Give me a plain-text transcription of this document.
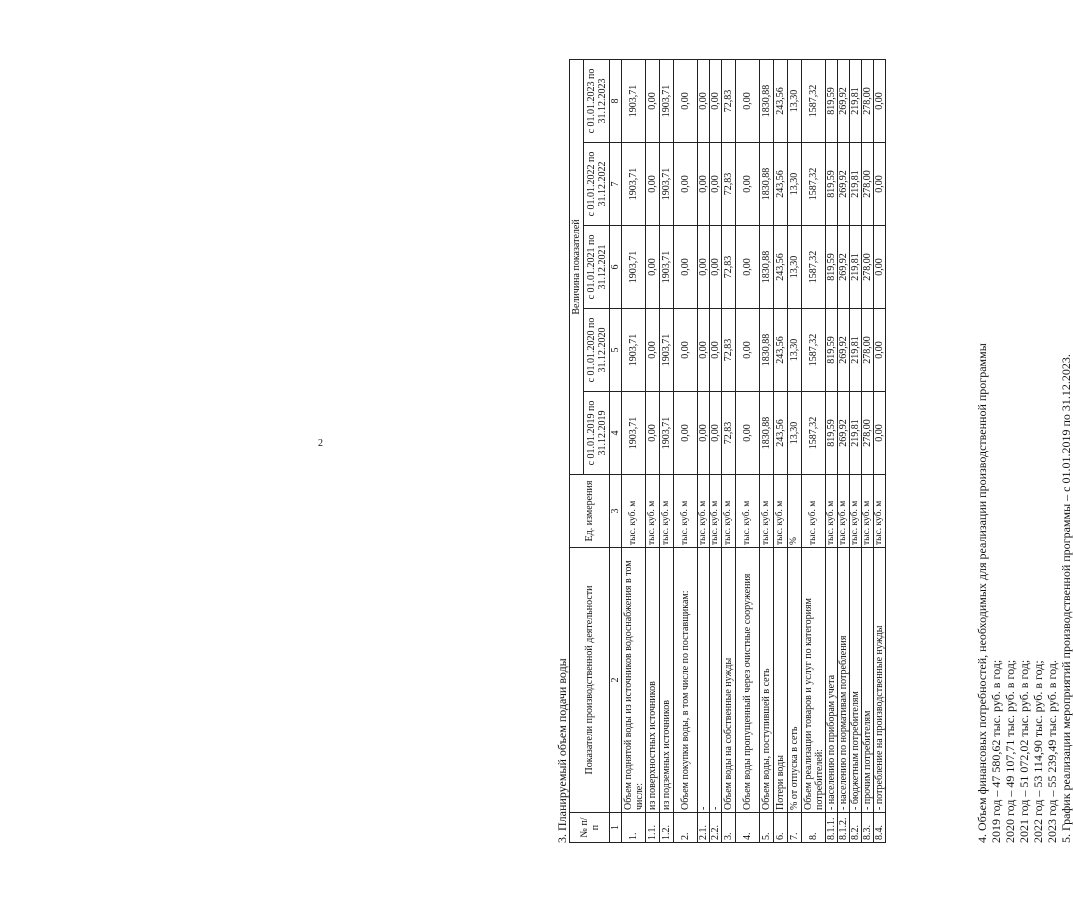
2
3. Планируемый объем подачи воды № п/п	Показатели производственной деятельности	Ед. измерения	Величина показателей				
			с 01.01.2019 по 31.12.2019	с 01.01.2020 по 31.12.2020	с 01.01.2021 по 31.12.2021	с 01.01.2022 по 31.12.2022	с 01.01.2023 по 31.12.2023
1	2	3	4	5	6	7	8
1.	Объем поднятой воды из источников водоснабжения в том числе:	тыс. куб. м	1903,71	1903,71	1903,71	1903,71	1903,71
1.1.	из поверхностных источников	тыс. куб. м	0,00	0,00	0,00	0,00	0,00
1.2.	из подземных источников	тыс. куб. м	1903,71	1903,71	1903,71	1903,71	1903,71
2.	Объем покупки воды, в том числе по поставщикам:	тыс. куб. м	0,00	0,00	0,00	0,00	0,00
2.1.	-	тыс. куб. м	0,00	0,00	0,00	0,00	0,00
2.2.	-	тыс. куб. м	0,00	0,00	0,00	0,00	0,00
3.	Объем воды на собственные нужды	тыс. куб. м	72,83	72,83	72,83	72,83	72,83
4.	Объем воды пропущенный через очистные сооружения	тыс. куб. м	0,00	0,00	0,00	0,00	0,00
5.	Объем воды, поступившей в сеть	тыс. куб. м	1830,88	1830,88	1830,88	1830,88	1830,88
6.	Потери воды	тыс. куб. м	243,56	243,56	243,56	243,56	243,56
7.	% от отпуска в сеть	%	13,30	13,30	13,30	13,30	13,30
8.	Объем реализации товаров и услуг по категориям потребителей:	тыс. куб. м	1587,32	1587,32	1587,32	1587,32	1587,32
8.1.1.	- населению по приборам учета	тыс. куб. м	819,59	819,59	819,59	819,59	819,59
8.1.2.	- населению по нормативам потребления	тыс. куб. м	269,92	269,92	269,92	269,92	269,92
8.2.	- бюджетным потребителям	тыс. куб. м	219,81	219,81	219,81	219,81	219,81
8.3.	- прочим потребителям	тыс. куб. м	278,00	278,00	278,00	278,00	278,00
8.4.	- потребление на производственные нужды	тыс. куб. м	0,00	0,00	0,00	0,00	0,00
4. Объем финансовых потребностей, необходимых для реализации производственной программы 2019 год – 47 580,62 тыс. руб. в год; 2020 год – 49 107,71 тыс. руб. в год; 2021 год – 51 072,02 тыс. руб. в год; 2022 год – 53 114,90 тыс. руб. в год; 2023 год – 55 239,49 тыс. руб. в год. 5. График реализации мероприятий производственной программы – с 01.01.2019 по 31.12.2023.
